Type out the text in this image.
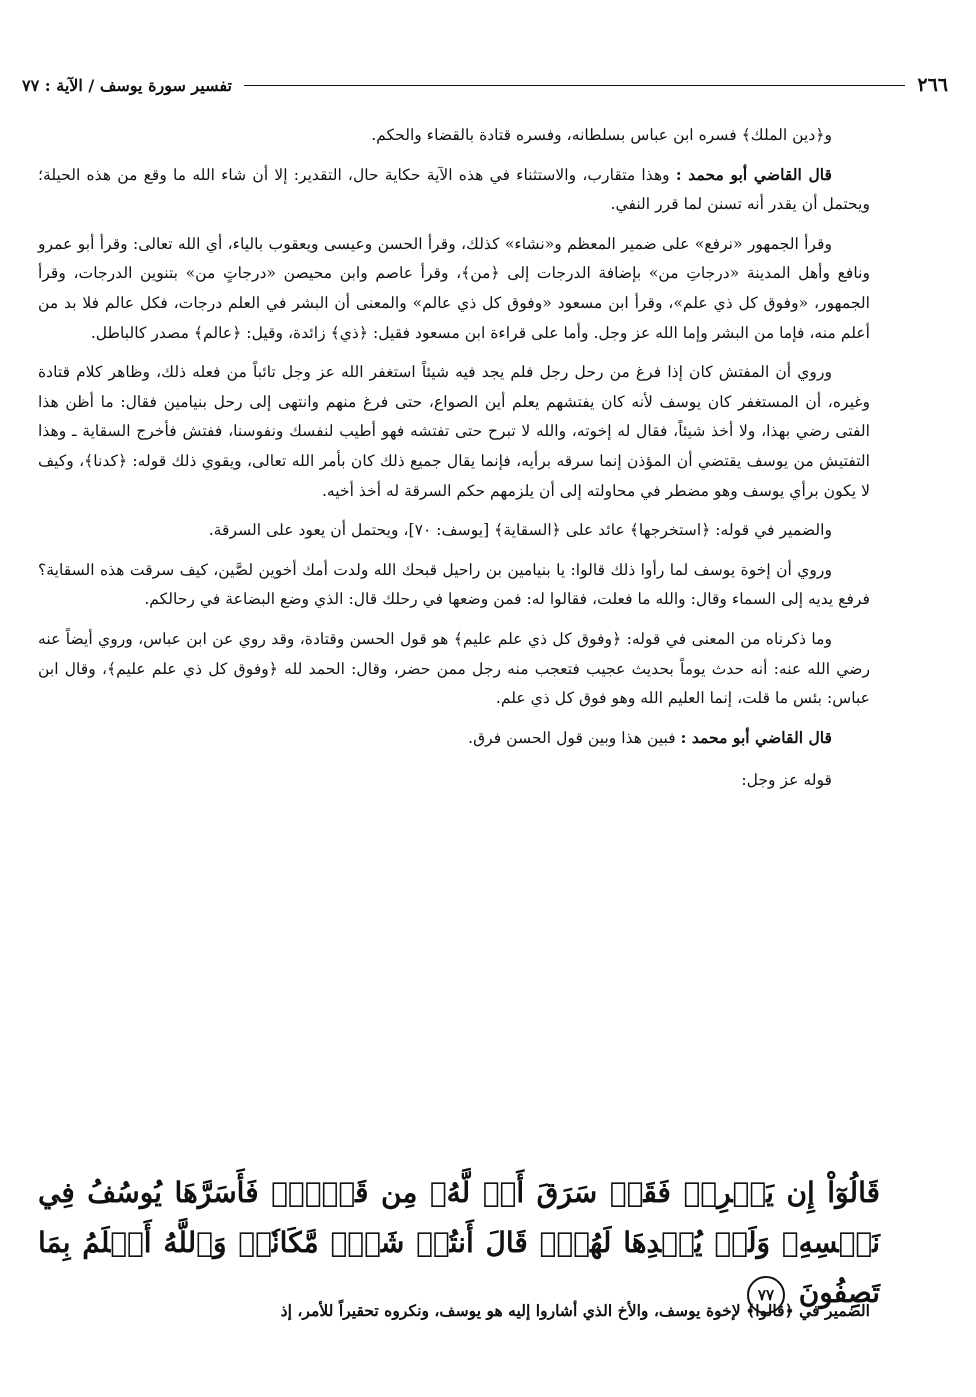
تفسير سورة يوسف / الآية : ٧٧	٢٦٦

و﴿دين الملك﴾ فسره ابن عباس بسلطانه، وفسره قتادة بالقضاء والحكم.

قال القاضي أبو محمد : وهذا متقارب، والاستثناء في هذه الآية حكاية حال، التقدير: إلا أن شاء الله ما وقع من هذه الحيلة؛ ويحتمل أن يقدر أنه تسنن لما قرر النفي.

وقرأ الجمهور «نرفع» على ضمير المعظم و«نشاء» كذلك، وقرأ الحسن وعيسى ويعقوب بالياء، أي الله تعالى: وقرأ أبو عمرو ونافع وأهل المدينة «درجاتِ من» بإضافة الدرجات إلى ﴿من﴾، وقرأ عاصم وابن محيصن «درجاتٍ من» بتنوين الدرجات، وقرأ الجمهور، «وفوق كل ذي علم»، وقرأ ابن مسعود «وفوق كل ذي عالم» والمعنى أن البشر في العلم درجات، فكل عالم فلا بد من أعلم منه، فإما من البشر وإما الله عز وجل. وأما على قراءة ابن مسعود فقيل: ﴿ذي﴾ زائدة، وقيل: ﴿عالم﴾ مصدر كالباطل.

وروي أن المفتش كان إذا فرغ من رحل رجل فلم يجد فيه شيئاً استغفر الله عز وجل تائباً من فعله ذلك، وظاهر كلام قتادة وغيره، أن المستغفر كان يوسف لأنه كان يفتشهم يعلم أين الصواع، حتى فرغ منهم وانتهى إلى رحل بنيامين فقال: ما أظن هذا الفتى رضي بهذا، ولا أخذ شيئاً، فقال له إخوته، والله لا تبرح حتى تفتشه فهو أطيب لنفسك ونفوسنا، ففتش فأخرج السقاية ـ وهذا التفتيش من يوسف يقتضي أن المؤذن إنما سرقه برأيه، فإنما يقال جميع ذلك كان بأمر الله تعالى، ويقوي ذلك قوله: ﴿كدنا﴾، وكيف لا يكون برأي يوسف وهو مضطر في محاولته إلى أن يلزمهم حكم السرقة له أخذ أخيه.

والضمير في قوله: ﴿استخرجها﴾ عائد على ﴿السقاية﴾ [يوسف: ٧٠]، ويحتمل أن يعود على السرقة.

وروي أن إخوة يوسف لما رأوا ذلك قالوا: يا بنيامين بن راحيل قبحك الله ولدت أمك أخوين لصَّين، كيف سرقت هذه السقاية؟ فرفع يديه إلى السماء وقال: والله ما فعلت، فقالوا له: فمن وضعها في رحلك قال: الذي وضع البضاعة في رحالكم.

وما ذكرناه من المعنى في قوله: ﴿وفوق كل ذي علم عليم﴾ هو قول الحسن وقتادة، وقد روي عن ابن عباس، وروي أيضاً عنه رضي الله عنه: أنه حدث يوماً بحديث عجيب فتعجب منه رجل ممن حضر، وقال: الحمد لله ﴿وفوق كل ذي علم عليم﴾، وقال ابن عباس: بئس ما قلت، إنما العليم الله وهو فوق كل ذي علم.

قال القاضي أبو محمد : فبين هذا وبين قول الحسن فرق.

قوله عز وجل:

قَالُوٓاْ إِن يَسۡرِقۡ فَقَدۡ سَرَقَ أَخٞ لَّهُۥ مِن قَبۡلُۚ فَأَسَرَّهَا يُوسُفُ فِي نَفۡسِهِۦ وَلَمۡ يُبۡدِهَا لَهُمۡۚ قَالَ أَنتُمۡ شَرّٞ مَّكَانٗاۖ وَٱللَّهُ أَعۡلَمُ بِمَا تَصِفُونَ ٧٧
الضمير في ﴿قالوا﴾ لإخوة يوسف، والأخ الذي أشاروا إليه هو يوسف، ونكروه تحقيراً للأمر، إذ
